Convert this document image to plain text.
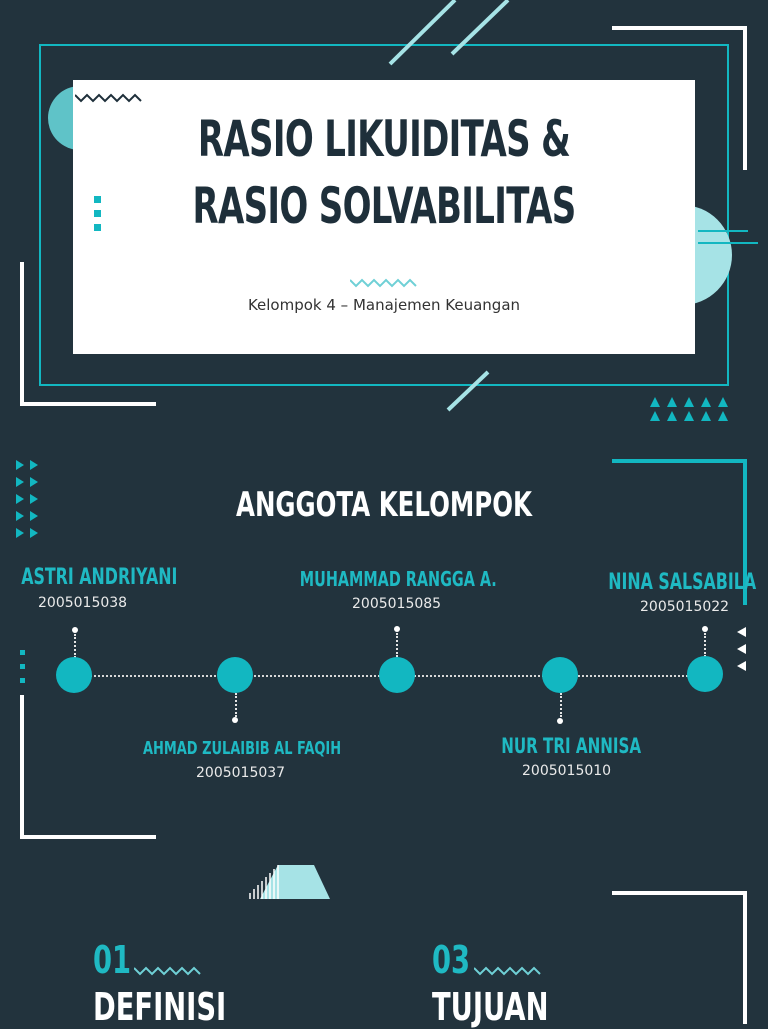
RASIO LIKUIDITAS &
RASIO SOLVABILITAS
Kelompok 4 – Manajemen Keuangan
ANGGOTA KELOMPOK
ASTRI ANDRIYANI
2005015038
AHMAD ZULAIBIB AL FAQIH
2005015037
MUHAMMAD RANGGA A.
2005015085
NUR TRI ANNISA
2005015010
NINA SALSABILA
2005015022
01
DEFINISI
03
TUJUAN
